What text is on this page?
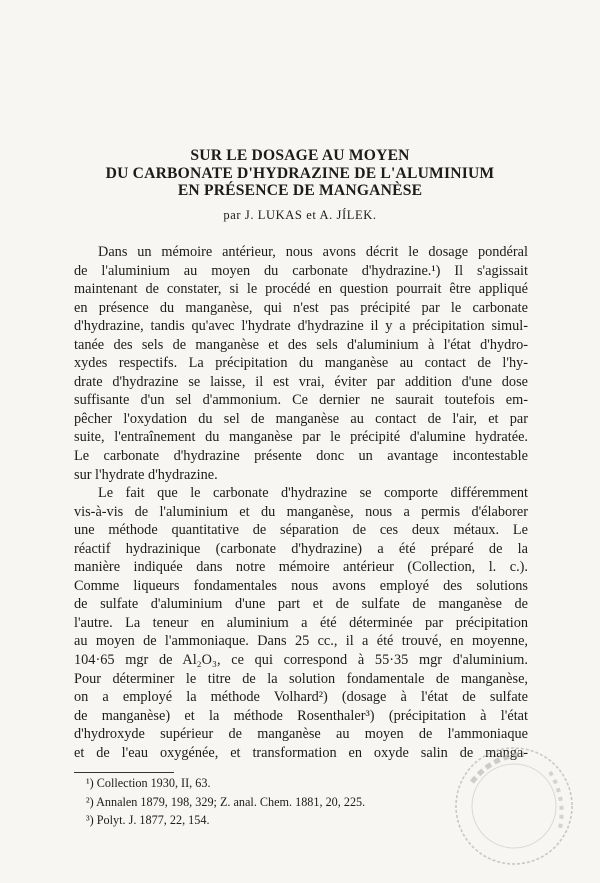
SUR LE DOSAGE AU MOYEN
DU CARBONATE D'HYDRAZINE DE L'ALUMINIUM
EN PRÉSENCE DE MANGANÈSE
par J. LUKAS et A. JÍLEK.

Dans un mémoire antérieur, nous avons décrit le dosage pondéral
de l'aluminium au moyen du carbonate d'hydrazine.¹) Il s'agissait
maintenant de constater, si le procédé en question pourrait être appliqué
en présence du manganèse, qui n'est pas précipité par le carbonate
d'hydrazine, tandis qu'avec l'hydrate d'hydrazine il y a précipitation simul-
tanée des sels de manganèse et des sels d'aluminium à l'état d'hydro-
xydes respectifs. La précipitation du manganèse au contact de l'hy-
drate d'hydrazine se laisse, il est vrai, éviter par addition d'une dose
suffisante d'un sel d'ammonium. Ce dernier ne saurait toutefois em-
pêcher l'oxydation du sel de manganèse au contact de l'air, et par
suite, l'entraînement du manganèse par le précipité d'alumine hydratée.
Le carbonate d'hydrazine présente donc un avantage incontestable
sur l'hydrate d'hydrazine.

Le fait que le carbonate d'hydrazine se comporte différemment
vis-à-vis de l'aluminium et du manganèse, nous a permis d'élaborer
une méthode quantitative de séparation de ces deux métaux. Le
réactif hydrazinique (carbonate d'hydrazine) a été préparé de la
manière indiquée dans notre mémoire antérieur (Collection, l. c.).
Comme liqueurs fondamentales nous avons employé des solutions
de sulfate d'aluminium d'une part et de sulfate de manganèse de
l'autre. La teneur en aluminium a été déterminée par précipitation
au moyen de l'ammoniaque. Dans 25 cc., il a été trouvé, en moyenne,
104·65 mgr de Al₂O₃, ce qui correspond à 55·35 mgr d'aluminium.
Pour déterminer le titre de la solution fondamentale de manganèse,
on a employé la méthode Volhard²) (dosage à l'état de sulfate
de manganèse) et la méthode Rosenthaler³) (précipitation à l'état
d'hydroxyde supérieur de manganèse au moyen de l'ammoniaque
et de l'eau oxygénée, et transformation en oxyde salin de manga-

¹) Collection 1930, II, 63.
²) Annalen 1879, 198, 329; Z. anal. Chem. 1881, 20, 225.
³) Polyt. J. 1877, 22, 154.
